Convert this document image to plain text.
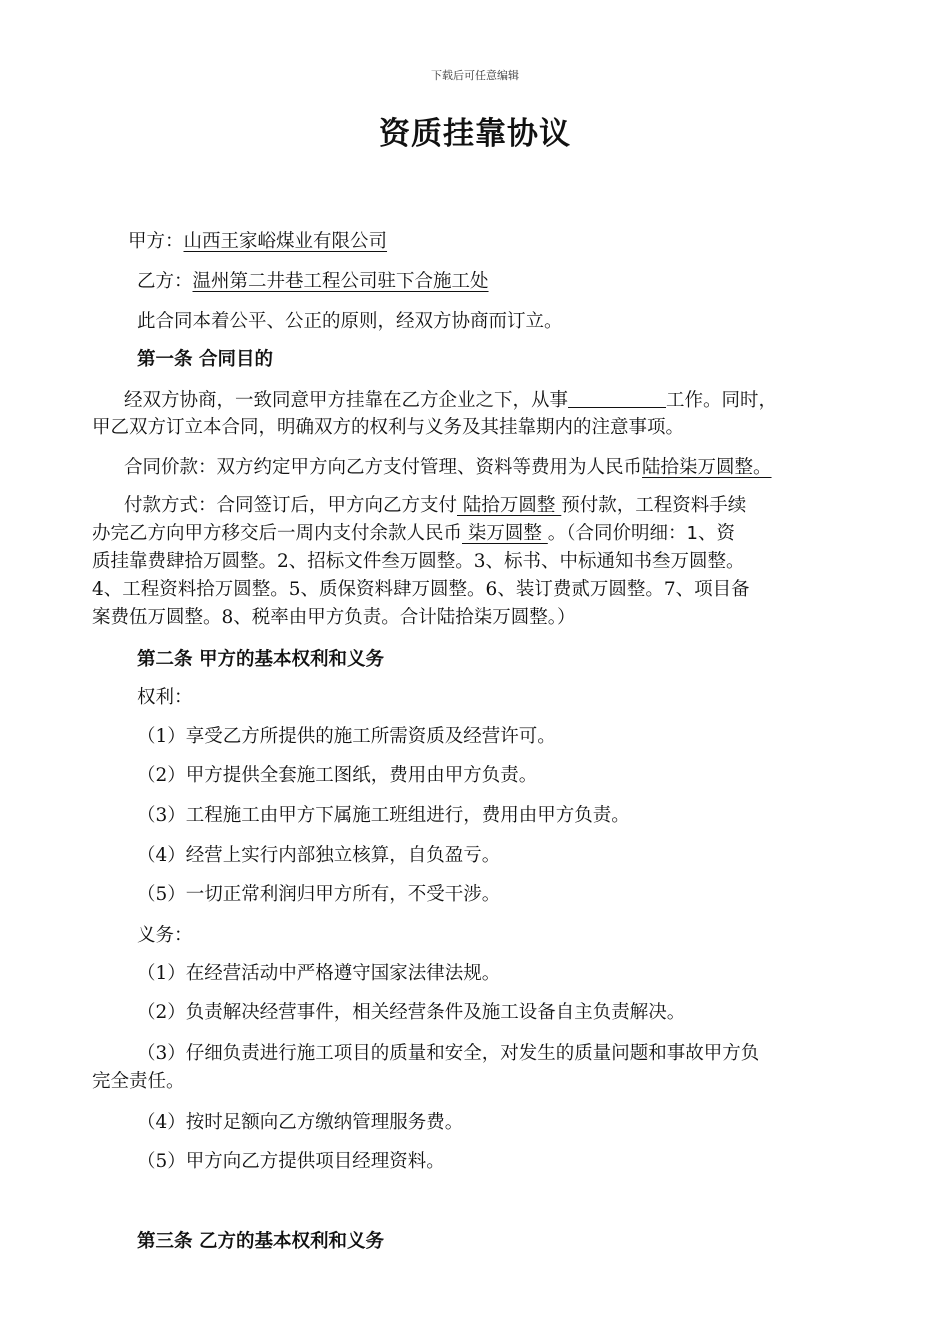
下载后可任意编辑
资质挂靠协议
甲方：山西王家峪煤业有限公司
乙方：温州第二井巷工程公司驻下合施工处
此合同本着公平、公正的原则，经双方协商而订立。
第一条 合同目的
经双方协商，一致同意甲方挂靠在乙方企业之下，从事	工作。同时，
甲乙双方订立本合同，明确双方的权利与义务及其挂靠期内的注意事项。
合同价款：双方约定甲方向乙方支付管理、资料等费用为人民币陆拾柒万圆整。
付款方式：合同签订后，甲方向乙方支付 陆拾万圆整 预付款，工程资料手续
办完乙方向甲方移交后一周内支付余款人民币 柒万圆整 。（合同价明细：1、资
质挂靠费肆拾万圆整。2、招标文件叁万圆整。3、标书、中标通知书叁万圆整。
4、工程资料拾万圆整。5、质保资料肆万圆整。6、装订费贰万圆整。7、项目备
案费伍万圆整。8、税率由甲方负责。合计陆拾柒万圆整。）
第二条 甲方的基本权利和义务
权利：
（1）享受乙方所提供的施工所需资质及经营许可。
（2）甲方提供全套施工图纸，费用由甲方负责。
（3）工程施工由甲方下属施工班组进行，费用由甲方负责。
（4）经营上实行内部独立核算，自负盈亏。
（5）一切正常利润归甲方所有，不受干涉。
义务：
（1）在经营活动中严格遵守国家法律法规。
（2）负责解决经营事件，相关经营条件及施工设备自主负责解决。
（3）仔细负责进行施工项目的质量和安全，对发生的质量问题和事故甲方负
完全责任。
（4）按时足额向乙方缴纳管理服务费。
（5）甲方向乙方提供项目经理资料。
第三条 乙方的基本权利和义务
